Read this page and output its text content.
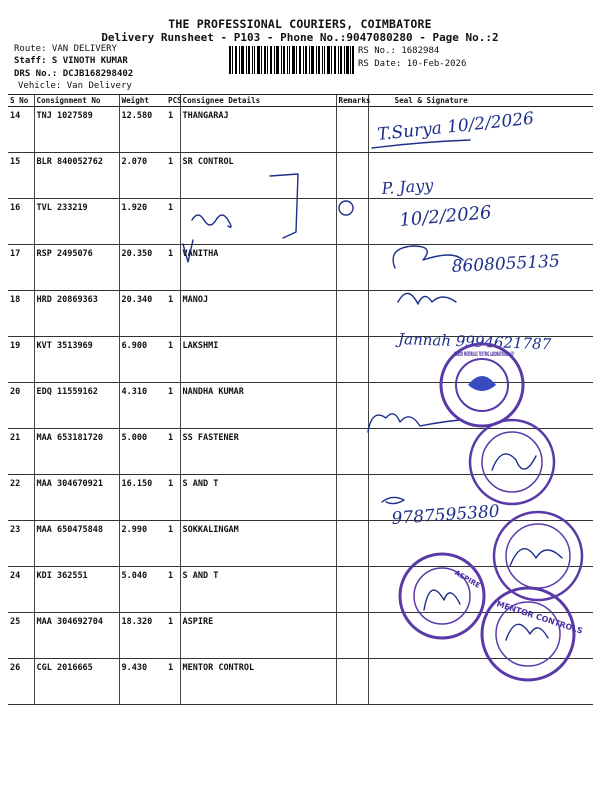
THE PROFESSIONAL COURIERS, COIMBATORE
Delivery Runsheet - P103 - Phone No.:9047080280 - Page No.:2
Route: VAN DELIVERY
Staff: S VINOTH KUMAR
DRS No.: DCJB168298402
Vehicle: Van Delivery
RS No.: 1682984
RS Date: 10-Feb-2026
S No	Consignment No	Weight	PCS	Consignee Details	Remarks	Seal & Signature
14	TNJ 1027589	12.580	1	THANGARAJ		
15	BLR 840052762	2.070	1	SR CONTROL		
16	TVL 233219	1.920	1			
17	RSP 2495076	20.350	1	VANITHA		
18	HRD 20869363	20.340	1	MANOJ		
19	KVT 3513969	6.900	1	LAKSHMI		
20	EDQ 11559162	4.310	1	NANDHA KUMAR		
21	MAA 653181720	5.000	1	SS FASTENER		
22	MAA 304670921	16.150	1	S AND T		
23	MAA 650475848	2.990	1	SOKKALINGAM		
24	KDI 362551	5.040	1	S AND T		
25	MAA 304692704	18.320	1	ASPIRE		
26	CGL 2016665	9.430	1	MENTOR CONTROL		
T.Surya 10/2/2026
P. Jayy
10/2/2026
8608055135
Jannah 9994621787
9787595380
MAEON MATERIALS TESTING LABORATORIES LLP
ASPIRE
MENTOR CONTROLS
